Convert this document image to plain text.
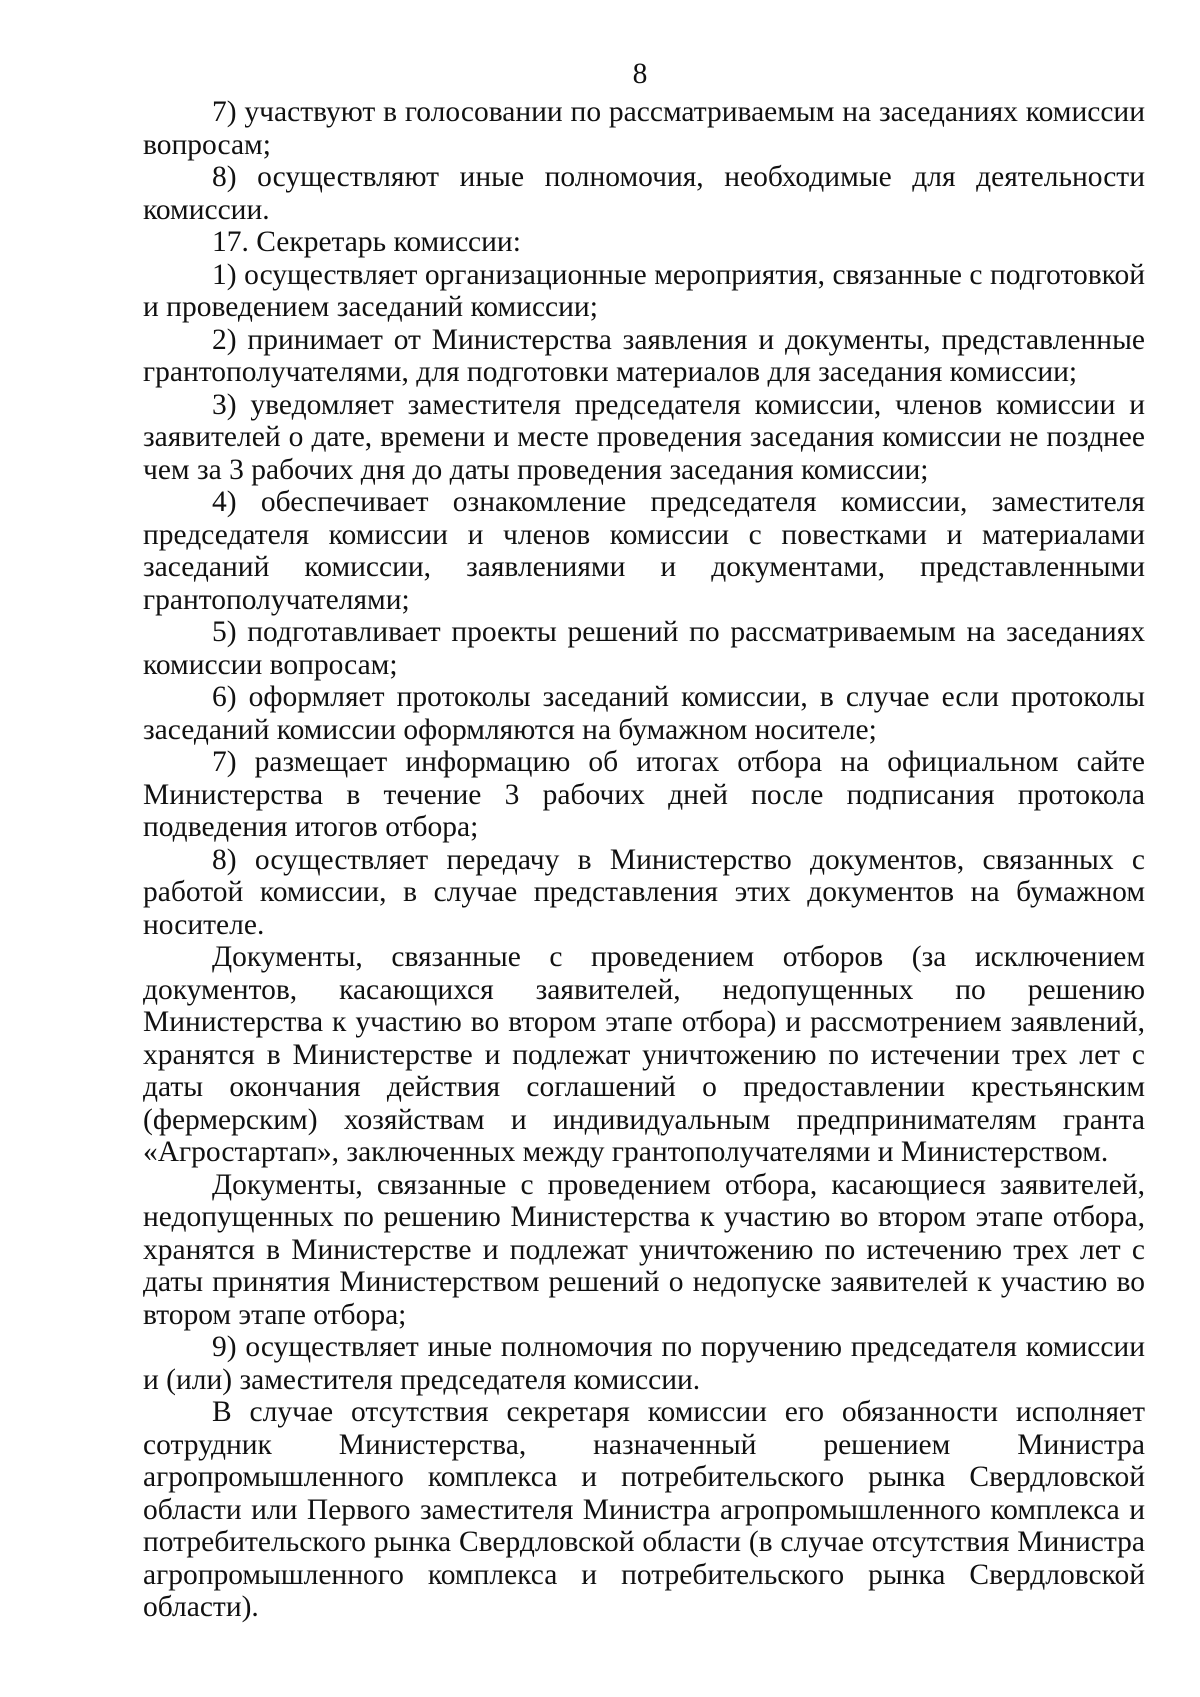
8

7) участвуют в голосовании по рассматриваемым на заседаниях комиссии вопросам;

8) осуществляют иные полномочия, необходимые для деятельности комиссии.

17. Секретарь комиссии:

1) осуществляет организационные мероприятия, связанные с подготовкой и проведением заседаний комиссии;

2) принимает от Министерства заявления и документы, представленные грантополучателями, для подготовки материалов для заседания комиссии;

3) уведомляет заместителя председателя комиссии, членов комиссии и заявителей о дате, времени и месте проведения заседания комиссии не позднее чем за 3 рабочих дня до даты проведения заседания комиссии;

4) обеспечивает ознакомление председателя комиссии, заместителя председателя комиссии и членов комиссии с повестками и материалами заседаний комиссии, заявлениями и документами, представленными грантополучателями;

5) подготавливает проекты решений по рассматриваемым на заседаниях комиссии вопросам;

6) оформляет протоколы заседаний комиссии, в случае если протоколы заседаний комиссии оформляются на бумажном носителе;

7) размещает информацию об итогах отбора на официальном сайте Министерства в течение 3 рабочих дней после подписания протокола подведения итогов отбора;

8) осуществляет передачу в Министерство документов, связанных с работой комиссии, в случае представления этих документов на бумажном носителе.

Документы, связанные с проведением отборов (за исключением документов, касающихся заявителей, недопущенных по решению Министерства к участию во втором этапе отбора) и рассмотрением заявлений, хранятся в Министерстве и подлежат уничтожению по истечении трех лет с даты окончания действия соглашений о предоставлении крестьянским (фермерским) хозяйствам и индивидуальным предпринимателям гранта «Агростартап», заключенных между грантополучателями и Министерством.

Документы, связанные с проведением отбора, касающиеся заявителей, недопущенных по решению Министерства к участию во втором этапе отбора, хранятся в Министерстве и подлежат уничтожению по истечению трех лет с даты принятия Министерством решений о недопуске заявителей к участию во втором этапе отбора;

9) осуществляет иные полномочия по поручению председателя комиссии и (или) заместителя председателя комиссии.

В случае отсутствия секретаря комиссии его обязанности исполняет сотрудник Министерства, назначенный решением Министра агропромышленного комплекса и потребительского рынка Свердловской области или Первого заместителя Министра агропромышленного комплекса и потребительского рынка Свердловской области (в случае отсутствия Министра агропромышленного комплекса и потребительского рынка Свердловской области).
